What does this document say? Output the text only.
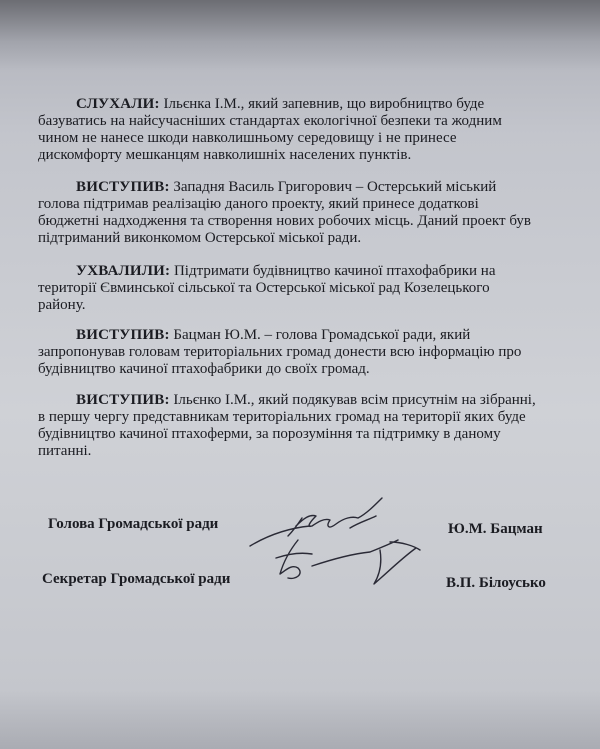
СЛУХАЛИ: Ільєнка І.М., який запевнив, що виробництво буде
базуватись на найсучасніших стандартах екологічної безпеки та жодним
чином не нанесе шкоди навколишньому середовищу і не принесе
дискомфорту мешканцям навколишніх населених пунктів.
ВИСТУПИВ: Западня Василь Григорович – Остерський міський
голова підтримав реалізацію даного проекту, який принесе додаткові
бюджетні надходження та створення нових робочих місць. Даний проект був
підтриманий виконкомом Остерської міської ради.
УХВАЛИЛИ: Підтримати будівництво качиної птахофабрики на
території Євминської сільської та Остерської міської рад Козелецького
району.
ВИСТУПИВ: Бацман Ю.М. – голова Громадської ради, який
запропонував головам територіальних громад донести всю інформацію про
будівництво качиної птахофабрики до своїх громад.
ВИСТУПИВ: Ільєнко І.М., який подякував всім присутнім на зібранні,
в першу чергу представникам територіальних громад на території яких буде
будівництво качиної птахоферми, за порозуміння та підтримку в даному
питанні.
Голова Громадської ради	Ю.М. Бацман
Секретар Громадської ради	В.П. Білоусько
